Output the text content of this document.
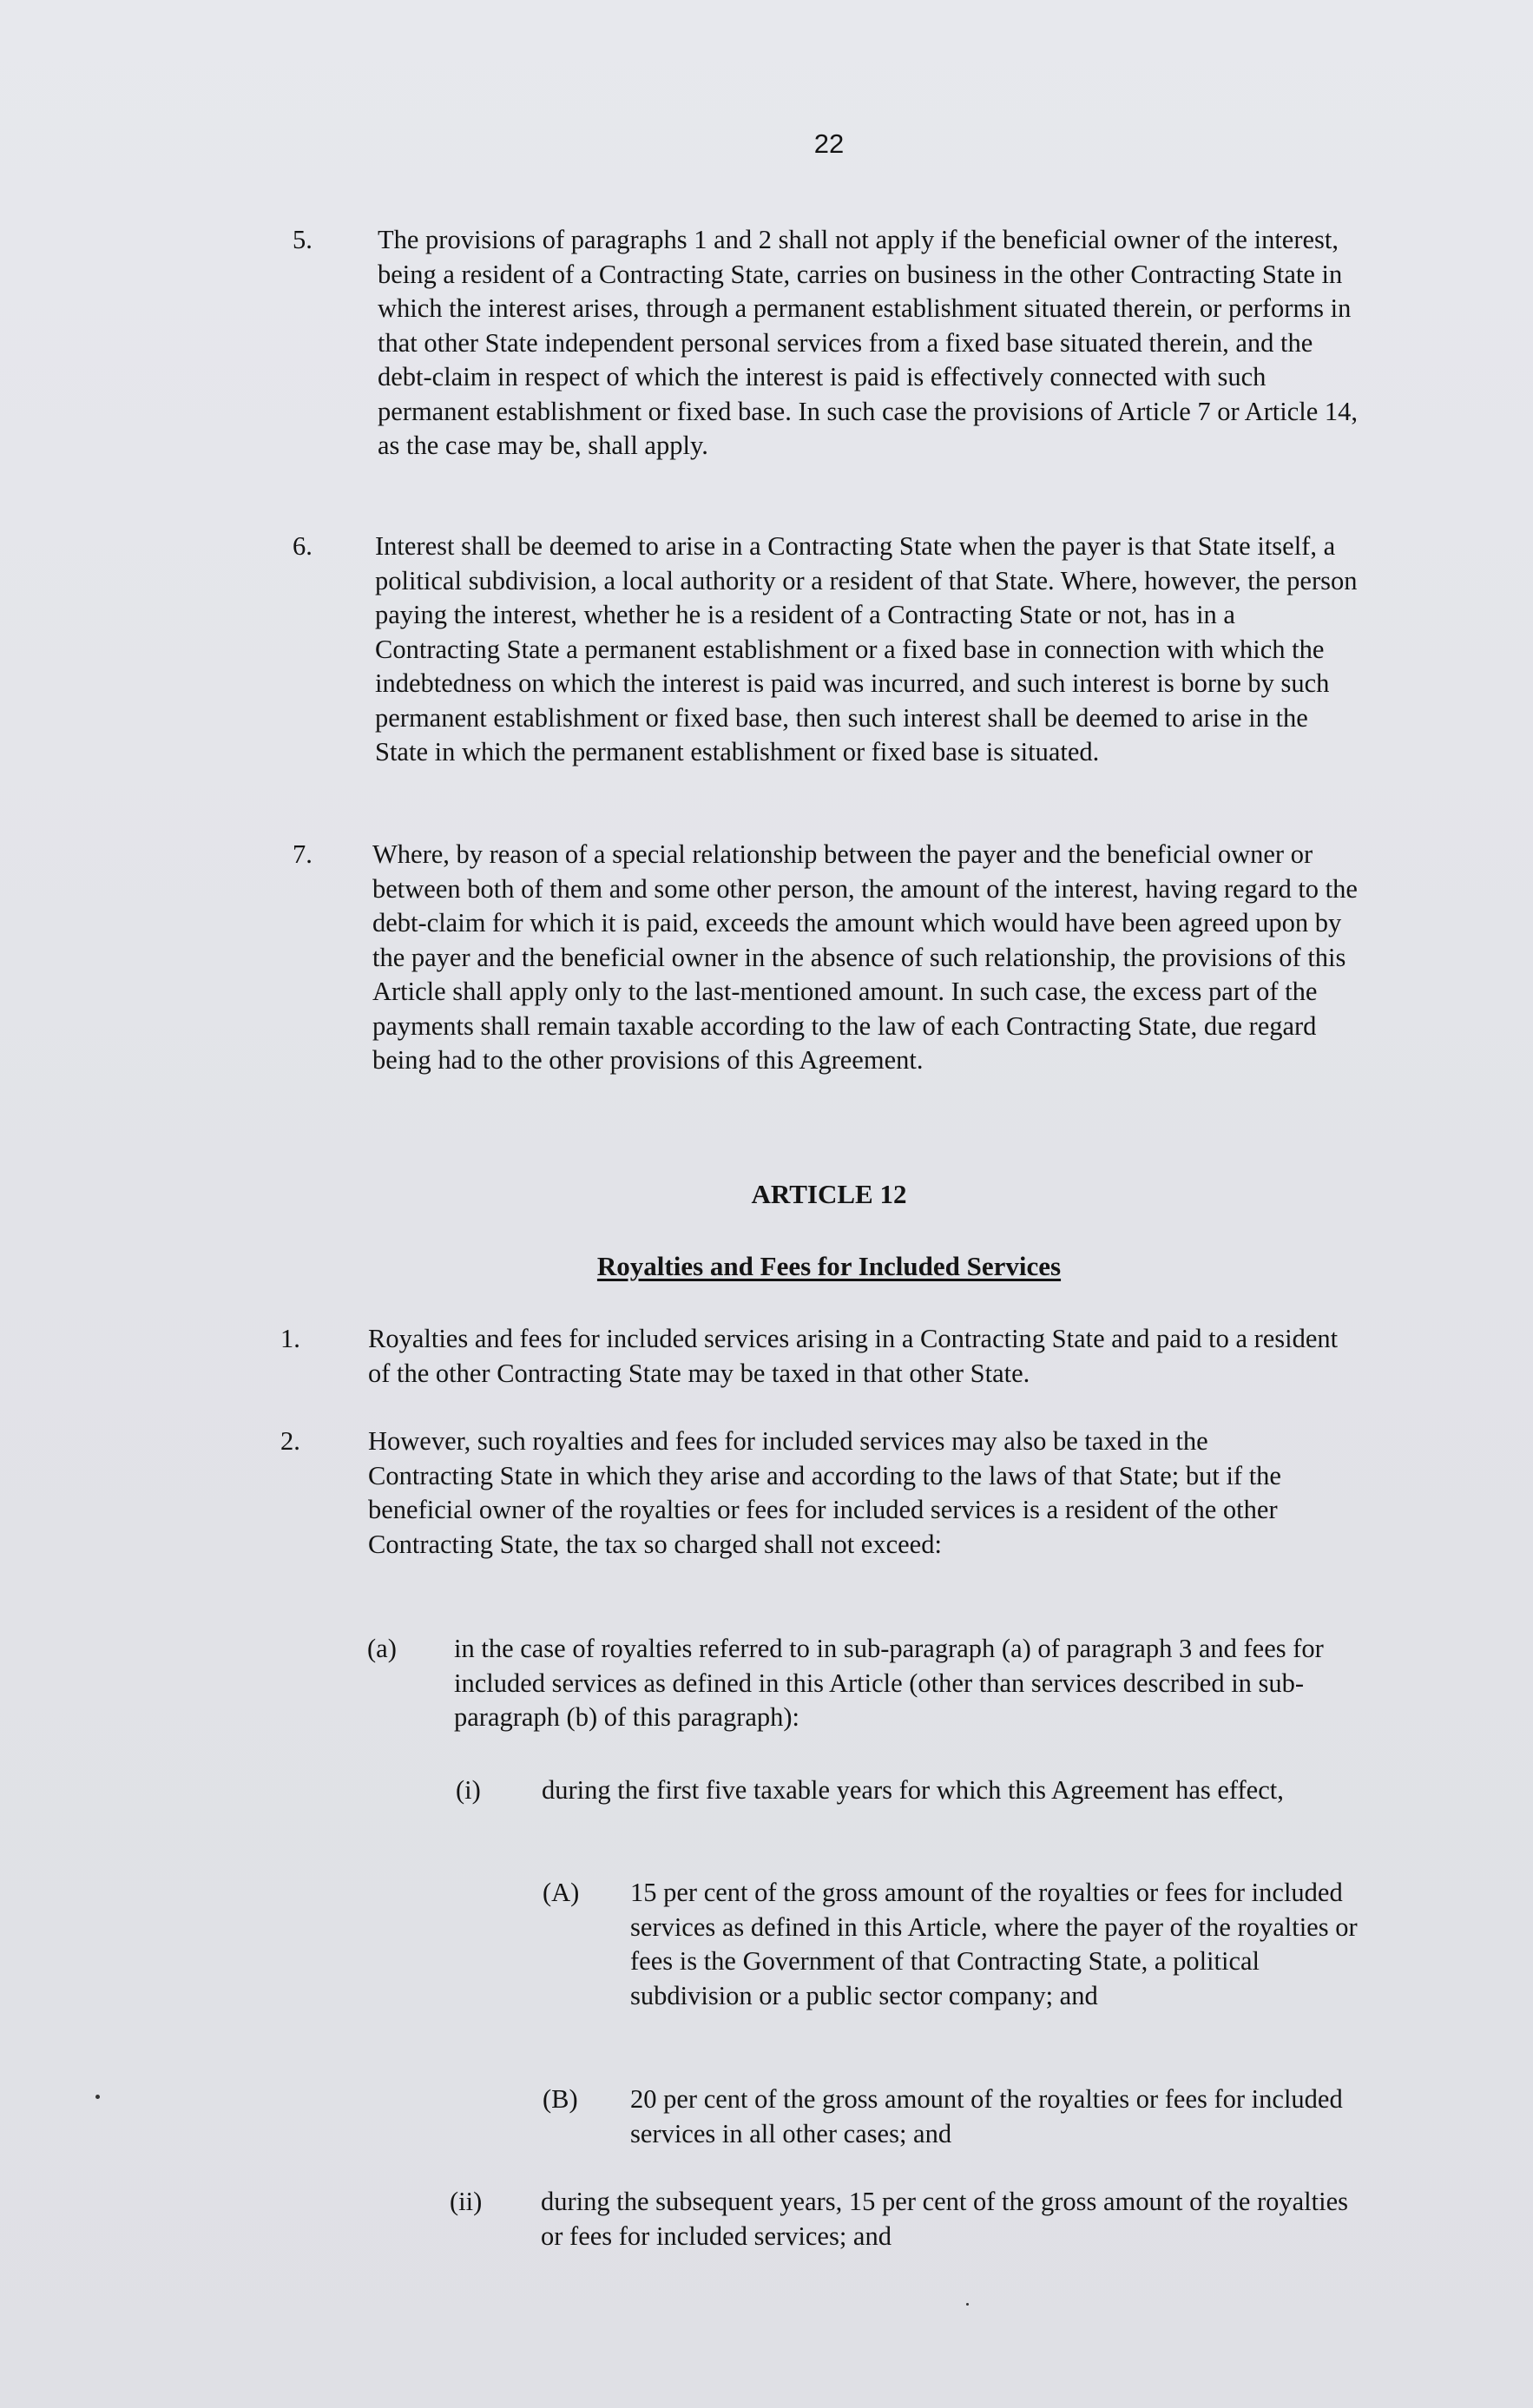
22
5. The provisions of paragraphs 1 and 2 shall not apply if the beneficial owner of the interest, being a resident of a Contracting State, carries on business in the other Contracting State in which the interest arises, through a permanent establishment situated therein, or performs in that other State independent personal services from a fixed base situated therein, and the debt-claim in respect of which the interest is paid is effectively connected with such permanent establishment or fixed base. In such case the provisions of Article 7 or Article 14, as the case may be, shall apply.
6. Interest shall be deemed to arise in a Contracting State when the payer is that State itself, a political subdivision, a local authority or a resident of that State. Where, however, the person paying the interest, whether he is a resident of a Contracting State or not, has in a Contracting State a permanent establishment or a fixed base in connection with which the indebtedness on which the interest is paid was incurred, and such interest is borne by such permanent establishment or fixed base, then such interest shall be deemed to arise in the State in which the permanent establishment or fixed base is situated.
7. Where, by reason of a special relationship between the payer and the beneficial owner or between both of them and some other person, the amount of the interest, having regard to the debt-claim for which it is paid, exceeds the amount which would have been agreed upon by the payer and the beneficial owner in the absence of such relationship, the provisions of this Article shall apply only to the last-mentioned amount. In such case, the excess part of the payments shall remain taxable according to the law of each Contracting State, due regard being had to the other provisions of this Agreement.
ARTICLE 12
Royalties and Fees for Included Services
1.	Royalties and fees for included services arising in a Contracting State and paid to a resident of the other Contracting State may be taxed in that other State.
2.	However, such royalties and fees for included services may also be taxed in the Contracting State in which they arise and according to the laws of that State; but if the beneficial owner of the royalties or fees for included services is a resident of the other Contracting State, the tax so charged shall not exceed:
(a) in the case of royalties referred to in sub-paragraph (a) of paragraph 3 and fees for included services as defined in this Article (other than services described in sub-paragraph (b) of this paragraph):
(i) during the first five taxable years for which this Agreement has effect,
(A) 15 per cent of the gross amount of the royalties or fees for included services as defined in this Article, where the payer of the royalties or fees is the Government of that Contracting State, a political subdivision or a public sector company; and
(B) 20 per cent of the gross amount of the royalties or fees for included services in all other cases; and
(ii) during the subsequent years, 15 per cent of the gross amount of the royalties or fees for included services; and
